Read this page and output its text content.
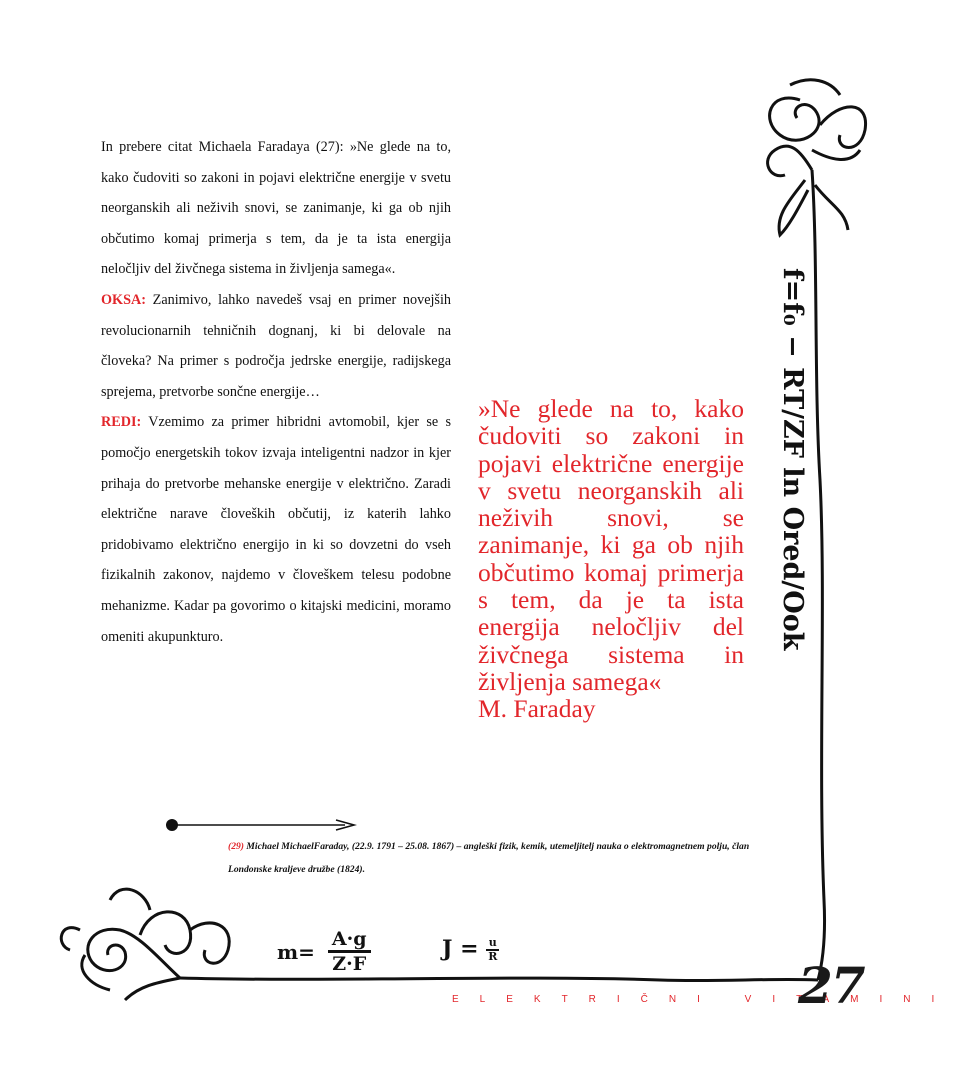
In prebere citat Michaela Faradaya (27): »Ne glede na to, kako čudoviti so zakoni in pojavi električne energije v svetu neorganskih ali neživih snovi, se zanimanje, ki ga ob njih občutimo komaj primerja s tem, da je ta ista energija neločljiv del živčnega sistema in življenja samega«.

OKSA: Zanimivo, lahko navedeš vsaj en primer novejših revolucionarnih tehničnih dognanj, ki bi delovale na človeka? Na primer s področja jedrske energije, radijskega sprejema, pretvorbe sončne energije…

REDI: Vzemimo za primer hibridni avtomobil, kjer se s pomočjo energetskih tokov izvaja inteligentni nadzor in kjer prihaja do pretvorbe mehanske energije v električno. Zaradi električne narave človeških občutij, iz katerih lahko pridobivamo električno energijo in ki so dovzetni do vseh fizikalnih zakonov, najdemo v človeškem telesu podobne mehanizme. Kadar pa govorimo o kitajski medicini, moramo omeniti akupunkturo.

»Ne glede na to, kako čudoviti so zakoni in pojavi električne energije v svetu neorganskih ali neživih snovi, se zanimanje, ki ga ob njih občutimo komaj primerja s tem, da je ta ista energija neločljiv del živčnega sistema in življenja samega«
M. Faraday
(29) Michael MichaelFaraday, (22.9. 1791 – 25.08. 1867) – angleški fizik, kemik, utemeljitelj nauka o elektromagnetnem polju, član Londonske kraljeve družbe (1824).
$m= \frac{A\cdot g}{Z\cdot F}$	$J = \frac{u}{R}$
f=f₀ − RT/ZF ln Ored/Ook
ELEKTRIČNI VITAMINI
27
